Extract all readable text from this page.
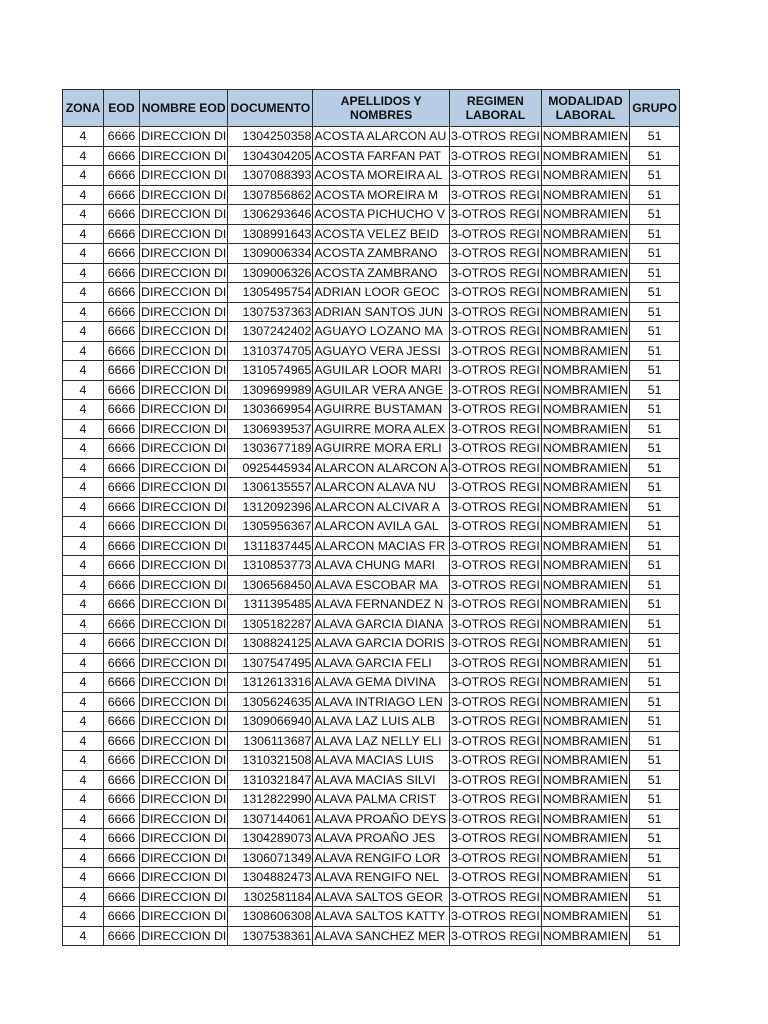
ZONA	EOD	NOMBRE EOD	DOCUMENTO	APELLIDOS Y NOMBRES	REGIMEN LABORAL	MODALIDAD LABORAL	GRUPO
4	6666	DIRECCION DI	1304250358	ACOSTA ALARCON AU	3-OTROS REGI	NOMBRAMIEN	51
4	6666	DIRECCION DI	1304304205	ACOSTA FARFAN PAT	3-OTROS REGI	NOMBRAMIEN	51
4	6666	DIRECCION DI	1307088393	ACOSTA MOREIRA AL	3-OTROS REGI	NOMBRAMIEN	51
4	6666	DIRECCION DI	1307856862	ACOSTA MOREIRA M	3-OTROS REGI	NOMBRAMIEN	51
4	6666	DIRECCION DI	1306293646	ACOSTA PICHUCHO V	3-OTROS REGI	NOMBRAMIEN	51
4	6666	DIRECCION DI	1308991643	ACOSTA VELEZ BEID	3-OTROS REGI	NOMBRAMIEN	51
4	6666	DIRECCION DI	1309006334	ACOSTA ZAMBRANO	3-OTROS REGI	NOMBRAMIEN	51
4	6666	DIRECCION DI	1309006326	ACOSTA ZAMBRANO	3-OTROS REGI	NOMBRAMIEN	51
4	6666	DIRECCION DI	1305495754	ADRIAN LOOR GEOC	3-OTROS REGI	NOMBRAMIEN	51
4	6666	DIRECCION DI	1307537363	ADRIAN SANTOS JUN	3-OTROS REGI	NOMBRAMIEN	51
4	6666	DIRECCION DI	1307242402	AGUAYO LOZANO MA	3-OTROS REGI	NOMBRAMIEN	51
4	6666	DIRECCION DI	1310374705	AGUAYO VERA JESSI	3-OTROS REGI	NOMBRAMIEN	51
4	6666	DIRECCION DI	1310574965	AGUILAR LOOR MARI	3-OTROS REGI	NOMBRAMIEN	51
4	6666	DIRECCION DI	1309699989	AGUILAR VERA ANGE	3-OTROS REGI	NOMBRAMIEN	51
4	6666	DIRECCION DI	1303669954	AGUIRRE BUSTAMAN	3-OTROS REGI	NOMBRAMIEN	51
4	6666	DIRECCION DI	1306939537	AGUIRRE MORA ALEX	3-OTROS REGI	NOMBRAMIEN	51
4	6666	DIRECCION DI	1303677189	AGUIRRE MORA ERLI	3-OTROS REGI	NOMBRAMIEN	51
4	6666	DIRECCION DI	0925445934	ALARCON ALARCON A	3-OTROS REGI	NOMBRAMIEN	51
4	6666	DIRECCION DI	1306135557	ALARCON ALAVA NU	3-OTROS REGI	NOMBRAMIEN	51
4	6666	DIRECCION DI	1312092396	ALARCON ALCIVAR A	3-OTROS REGI	NOMBRAMIEN	51
4	6666	DIRECCION DI	1305956367	ALARCON AVILA GAL	3-OTROS REGI	NOMBRAMIEN	51
4	6666	DIRECCION DI	1311837445	ALARCON MACIAS FR	3-OTROS REGI	NOMBRAMIEN	51
4	6666	DIRECCION DI	1310853773	ALAVA CHUNG MARI	3-OTROS REGI	NOMBRAMIEN	51
4	6666	DIRECCION DI	1306568450	ALAVA ESCOBAR MA	3-OTROS REGI	NOMBRAMIEN	51
4	6666	DIRECCION DI	1311395485	ALAVA FERNANDEZ N	3-OTROS REGI	NOMBRAMIEN	51
4	6666	DIRECCION DI	1305182287	ALAVA GARCIA DIANA	3-OTROS REGI	NOMBRAMIEN	51
4	6666	DIRECCION DI	1308824125	ALAVA GARCIA DORIS	3-OTROS REGI	NOMBRAMIEN	51
4	6666	DIRECCION DI	1307547495	ALAVA GARCIA FELI	3-OTROS REGI	NOMBRAMIEN	51
4	6666	DIRECCION DI	1312613316	ALAVA GEMA DIVINA	3-OTROS REGI	NOMBRAMIEN	51
4	6666	DIRECCION DI	1305624635	ALAVA INTRIAGO LEN	3-OTROS REGI	NOMBRAMIEN	51
4	6666	DIRECCION DI	1309066940	ALAVA LAZ LUIS ALB	3-OTROS REGI	NOMBRAMIEN	51
4	6666	DIRECCION DI	1306113687	ALAVA LAZ NELLY ELI	3-OTROS REGI	NOMBRAMIEN	51
4	6666	DIRECCION DI	1310321508	ALAVA MACIAS LUIS	3-OTROS REGI	NOMBRAMIEN	51
4	6666	DIRECCION DI	1310321847	ALAVA MACIAS SILVI	3-OTROS REGI	NOMBRAMIEN	51
4	6666	DIRECCION DI	1312822990	ALAVA PALMA CRIST	3-OTROS REGI	NOMBRAMIEN	51
4	6666	DIRECCION DI	1307144061	ALAVA PROAÑO DEYS	3-OTROS REGI	NOMBRAMIEN	51
4	6666	DIRECCION DI	1304289073	ALAVA PROAÑO JES	3-OTROS REGI	NOMBRAMIEN	51
4	6666	DIRECCION DI	1306071349	ALAVA RENGIFO LOR	3-OTROS REGI	NOMBRAMIEN	51
4	6666	DIRECCION DI	1304882473	ALAVA RENGIFO NEL	3-OTROS REGI	NOMBRAMIEN	51
4	6666	DIRECCION DI	1302581184	ALAVA SALTOS GEOR	3-OTROS REGI	NOMBRAMIEN	51
4	6666	DIRECCION DI	1308606308	ALAVA SALTOS KATTY	3-OTROS REGI	NOMBRAMIEN	51
4	6666	DIRECCION DI	1307538361	ALAVA SANCHEZ MER	3-OTROS REGI	NOMBRAMIEN	51
